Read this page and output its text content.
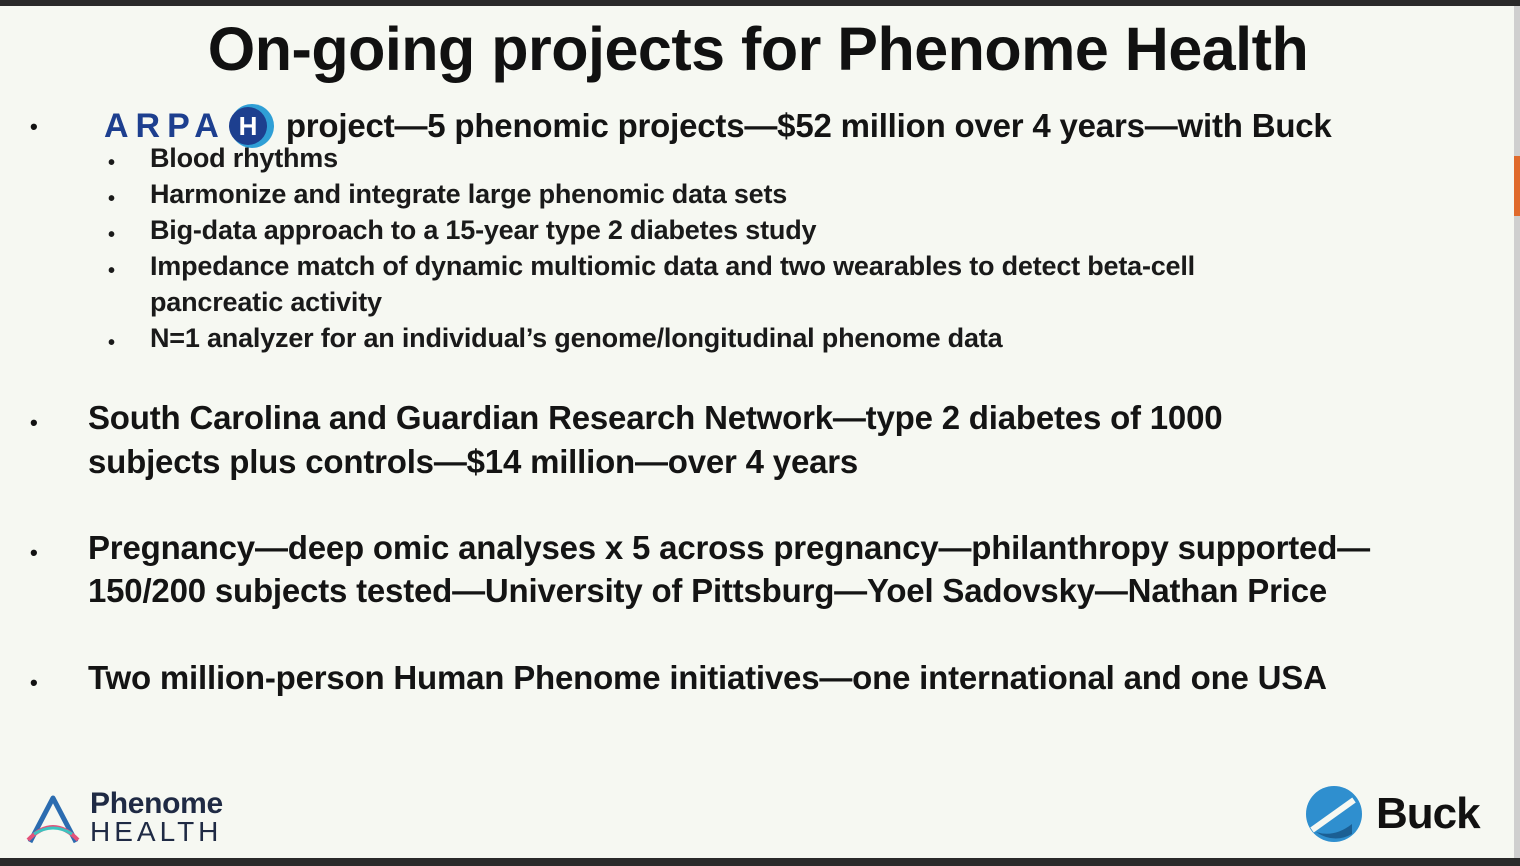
On-going projects for Phenome Health
• ARPA H project—5 phenomic projects—$52 million over 4 years—with Buck
• Blood rhythms
• Harmonize and integrate large phenomic data sets
• Big-data approach to a 15-year type 2 diabetes study
• Impedance match of dynamic multiomic data and two wearables to detect beta-cell
pancreatic activity
• N=1 analyzer for an individual’s genome/longitudinal phenome data
• South Carolina and Guardian Research Network—type 2 diabetes of 1000
subjects plus controls—$14 million—over 4 years
• Pregnancy—deep omic analyses x 5 across pregnancy—philanthropy supported—
150/200 subjects tested—University of Pittsburg—Yoel Sadovsky—Nathan Price
• Two million-person Human Phenome initiatives—one international and one USA
Phenome
HEALTH	Buck
